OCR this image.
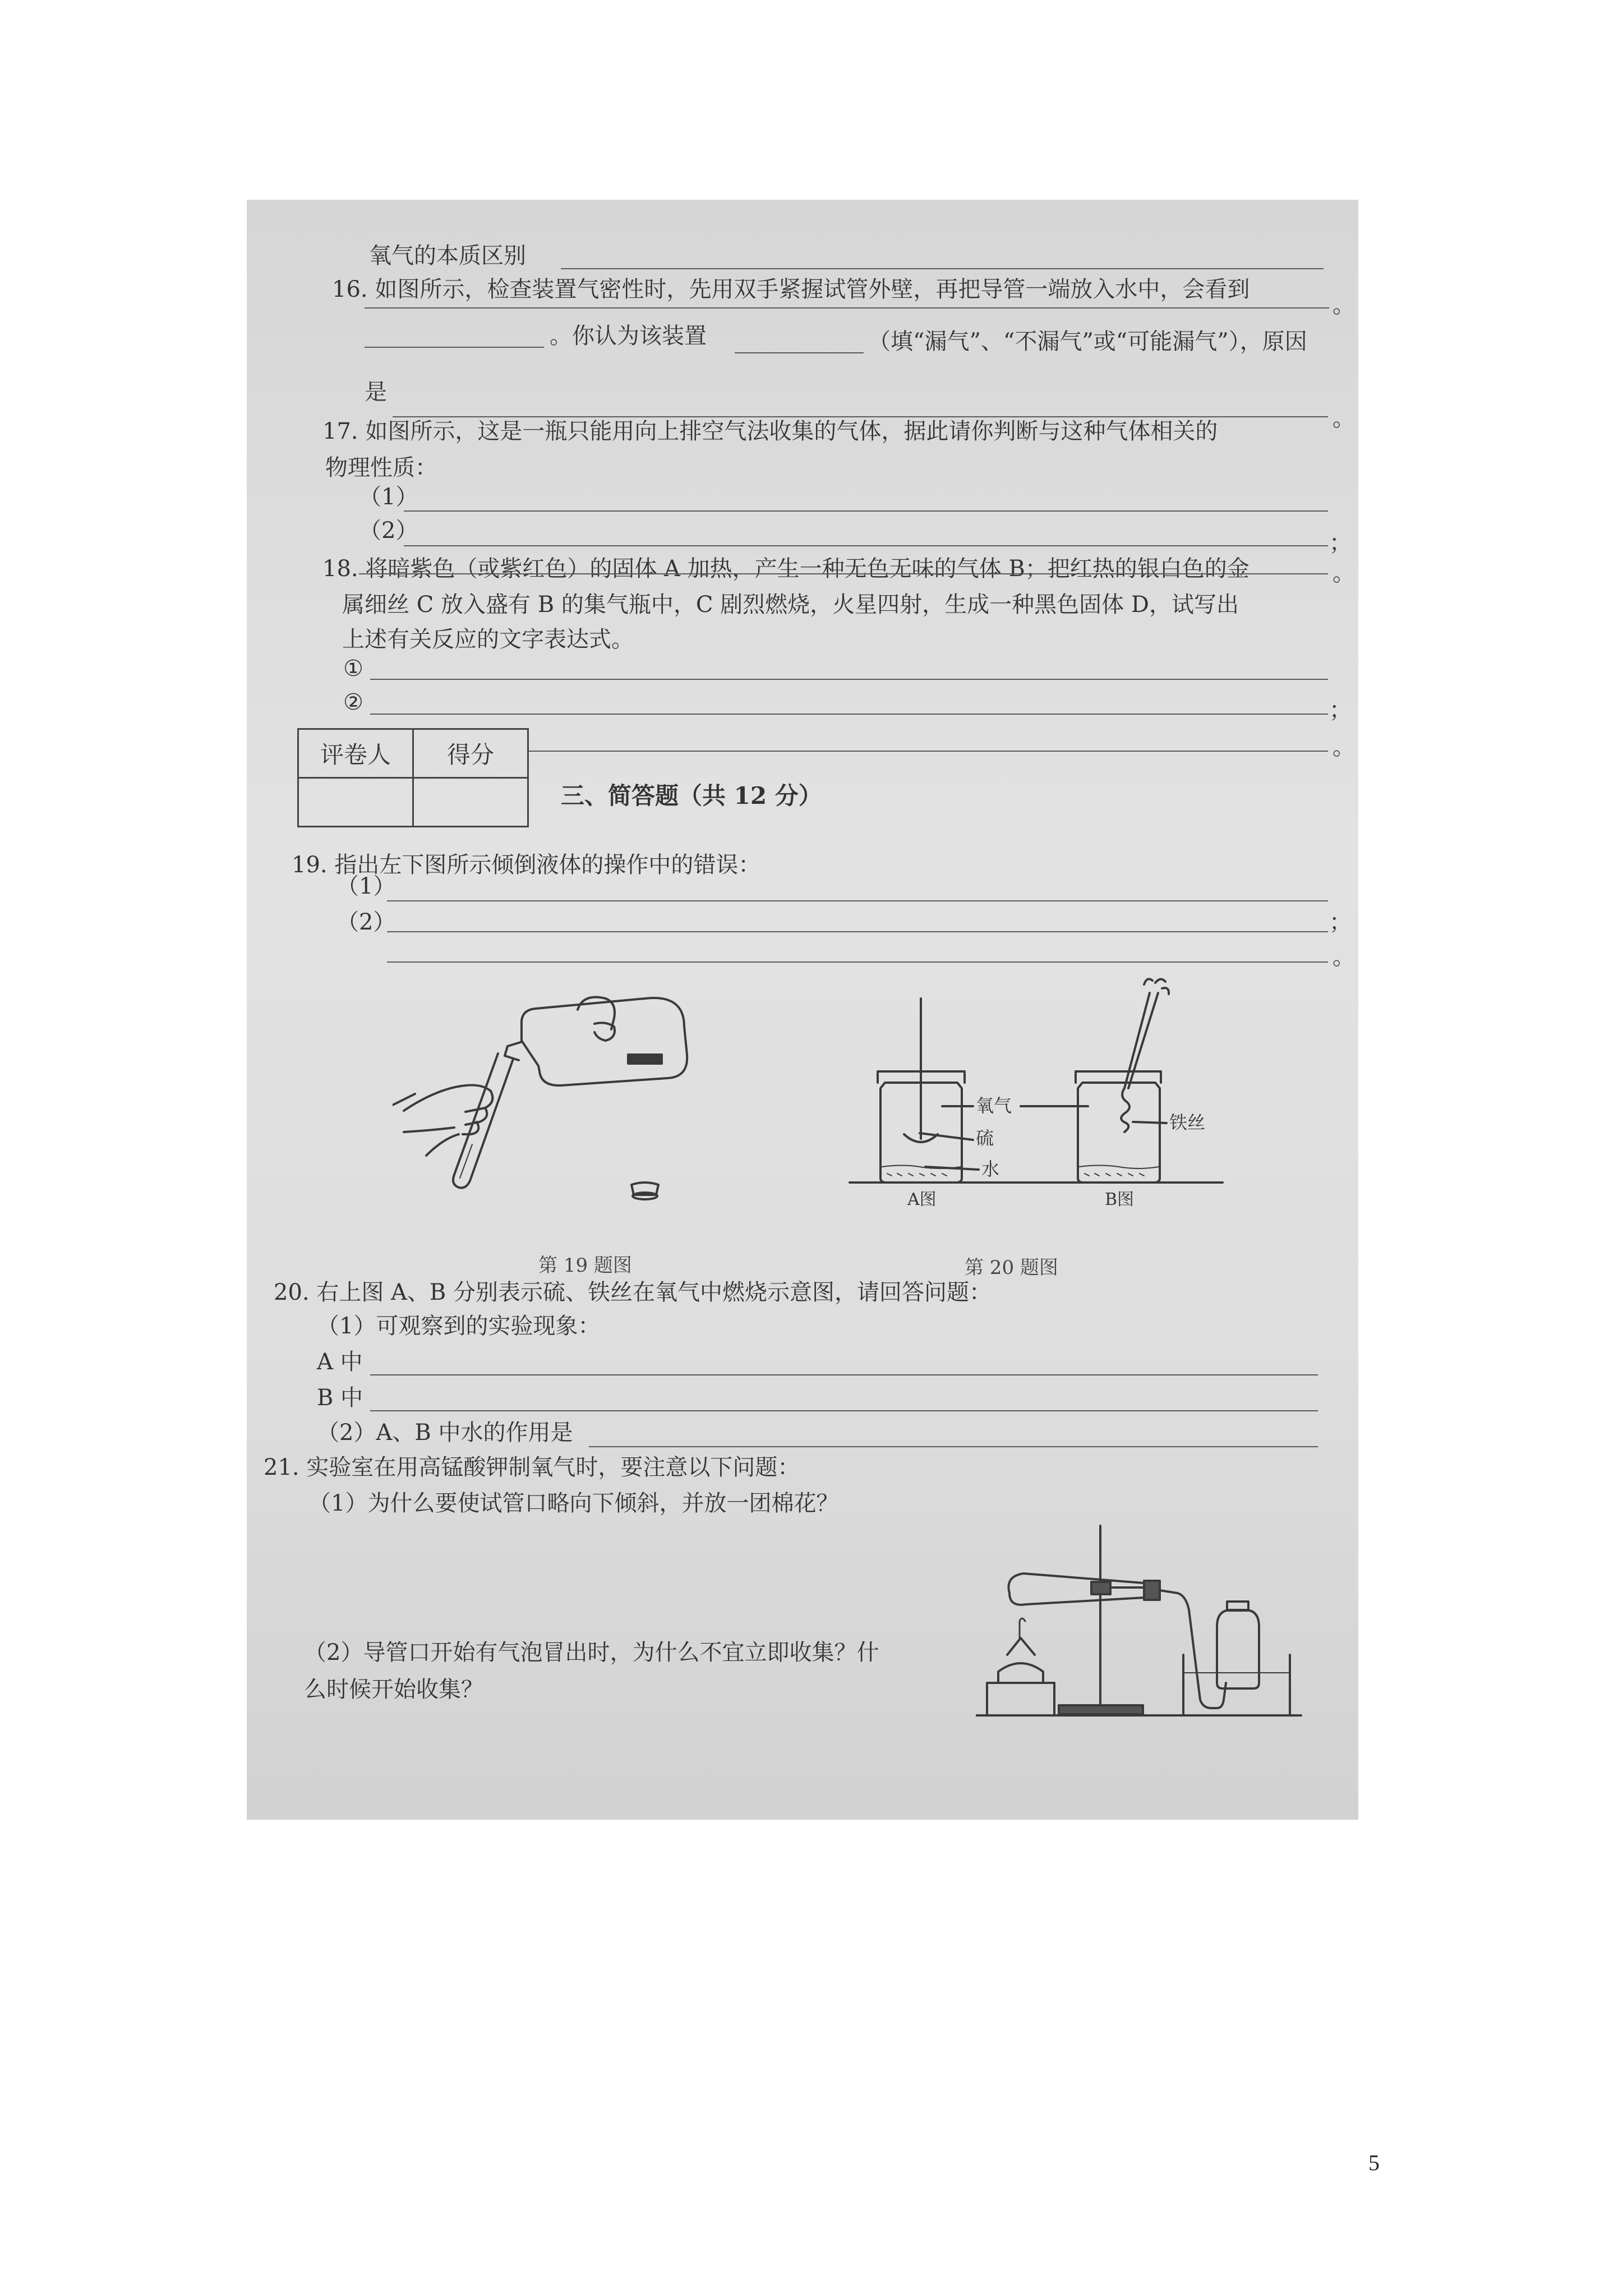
氧气的本质区别
16. 如图所示，检查装置气密性时，先用双手紧握试管外壁，再把导管一端放入水中，会看到
。
。你认为该装置	（填“漏气”、“不漏气”或“可能漏气”），原因
是
17. 如图所示，这是一瓶只能用向上排空气法收集的气体，据此请你判断与这种气体相关的	。
物理性质：
（1）
（2）	；
18. 将暗紫色（或紫红色）的固体 A 加热，产生一种无色无味的气体 B；把红热的银白色的金	。
属细丝 C 放入盛有 B 的集气瓶中，C 剧烈燃烧，火星四射，生成一种黑色固体 D，试写出
上述有关反应的文字表达式。
①
②	；
。
评卷人	得分

三、简答题（共 12 分）
19. 指出左下图所示倾倒液体的操作中的错误：
（1）
（2）	；
。
第 19 题图
氧气
硫
水
铁丝
A图	B图
第 20 题图
20. 右上图 A、B 分别表示硫、铁丝在氧气中燃烧示意图，请回答问题：
（1）可观察到的实验现象：
A 中
B 中
（2）A、B 中水的作用是
21. 实验室在用高锰酸钾制氧气时，要注意以下问题：
（1）为什么要使试管口略向下倾斜，并放一团棉花？
（2）导管口开始有气泡冒出时，为什么不宜立即收集？什
么时候开始收集？
5
